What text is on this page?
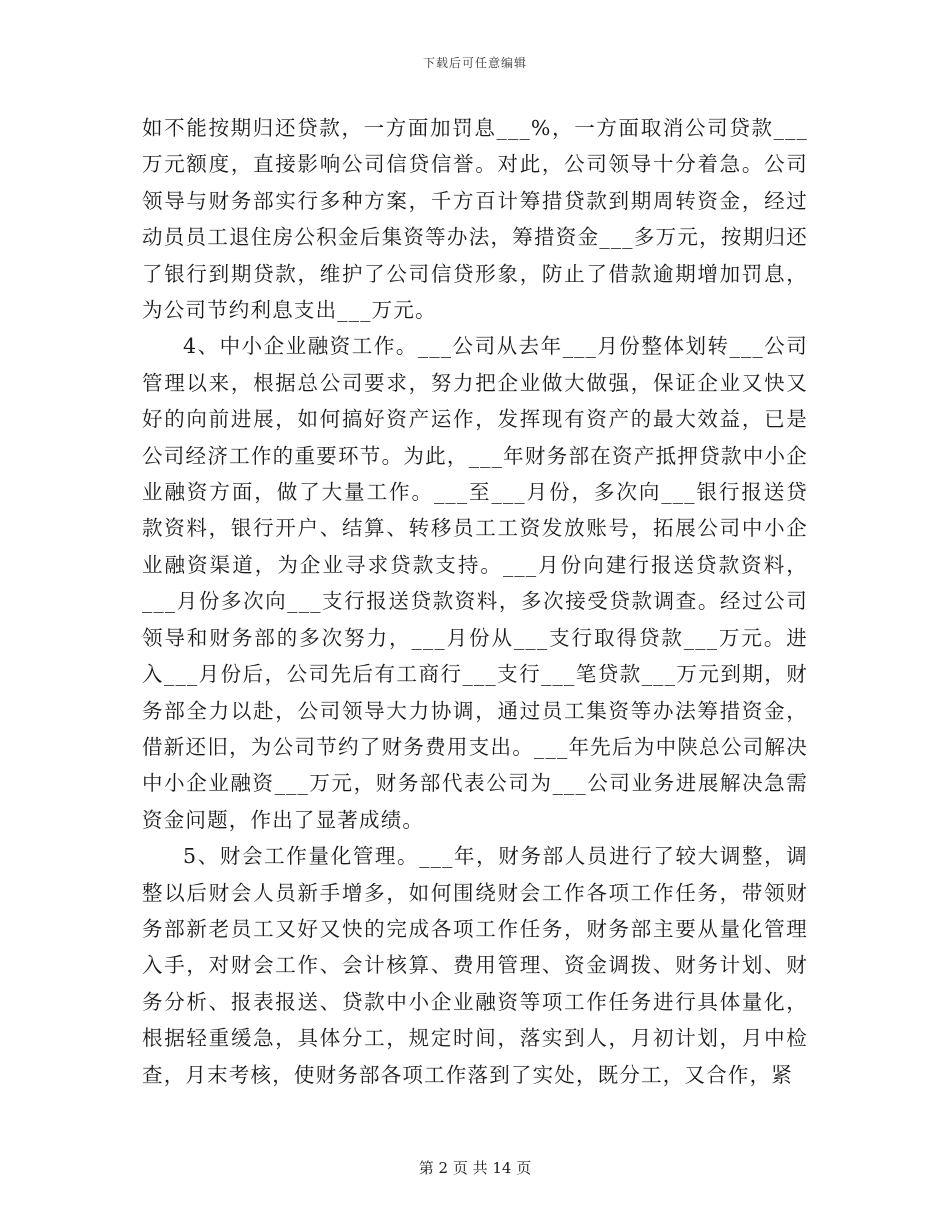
下载后可任意编辑

如不能按期归还贷款，一方面加罚息___%，一方面取消公司贷款___万元额度，直接影响公司信贷信誉。对此，公司领导十分着急。公司领导与财务部实行多种方案，千方百计筹措贷款到期周转资金，经过动员员工退住房公积金后集资等办法，筹措资金___多万元，按期归还了银行到期贷款，维护了公司信贷形象，防止了借款逾期增加罚息，为公司节约利息支出___万元。

4、中小企业融资工作。___公司从去年___月份整体划转___公司管理以来，根据总公司要求，努力把企业做大做强，保证企业又快又好的向前进展，如何搞好资产运作，发挥现有资产的最大效益，已是公司经济工作的重要环节。为此，___年财务部在资产抵押贷款中小企业融资方面，做了大量工作。___至___月份，多次向___银行报送贷款资料，银行开户、结算、转移员工工资发放账号，拓展公司中小企业融资渠道，为企业寻求贷款支持。___月份向建行报送贷款资料，___月份多次向___支行报送贷款资料，多次接受贷款调查。经过公司领导和财务部的多次努力，___月份从___支行取得贷款___万元。进入___月份后，公司先后有工商行___支行___笔贷款___万元到期，财务部全力以赴，公司领导大力协调，通过员工集资等办法筹措资金，借新还旧，为公司节约了财务费用支出。___年先后为中陕总公司解决中小企业融资___万元，财务部代表公司为___公司业务进展解决急需资金问题，作出了显著成绩。

5、财会工作量化管理。___年，财务部人员进行了较大调整，调整以后财会人员新手增多，如何围绕财会工作各项工作任务，带领财务部新老员工又好又快的完成各项工作任务，财务部主要从量化管理入手，对财会工作、会计核算、费用管理、资金调拨、财务计划、财务分析、报表报送、贷款中小企业融资等项工作任务进行具体量化，根据轻重缓急，具体分工，规定时间，落实到人，月初计划，月中检查，月末考核，使财务部各项工作落到了实处，既分工，又合作，紧

第 2 页 共 14 页
